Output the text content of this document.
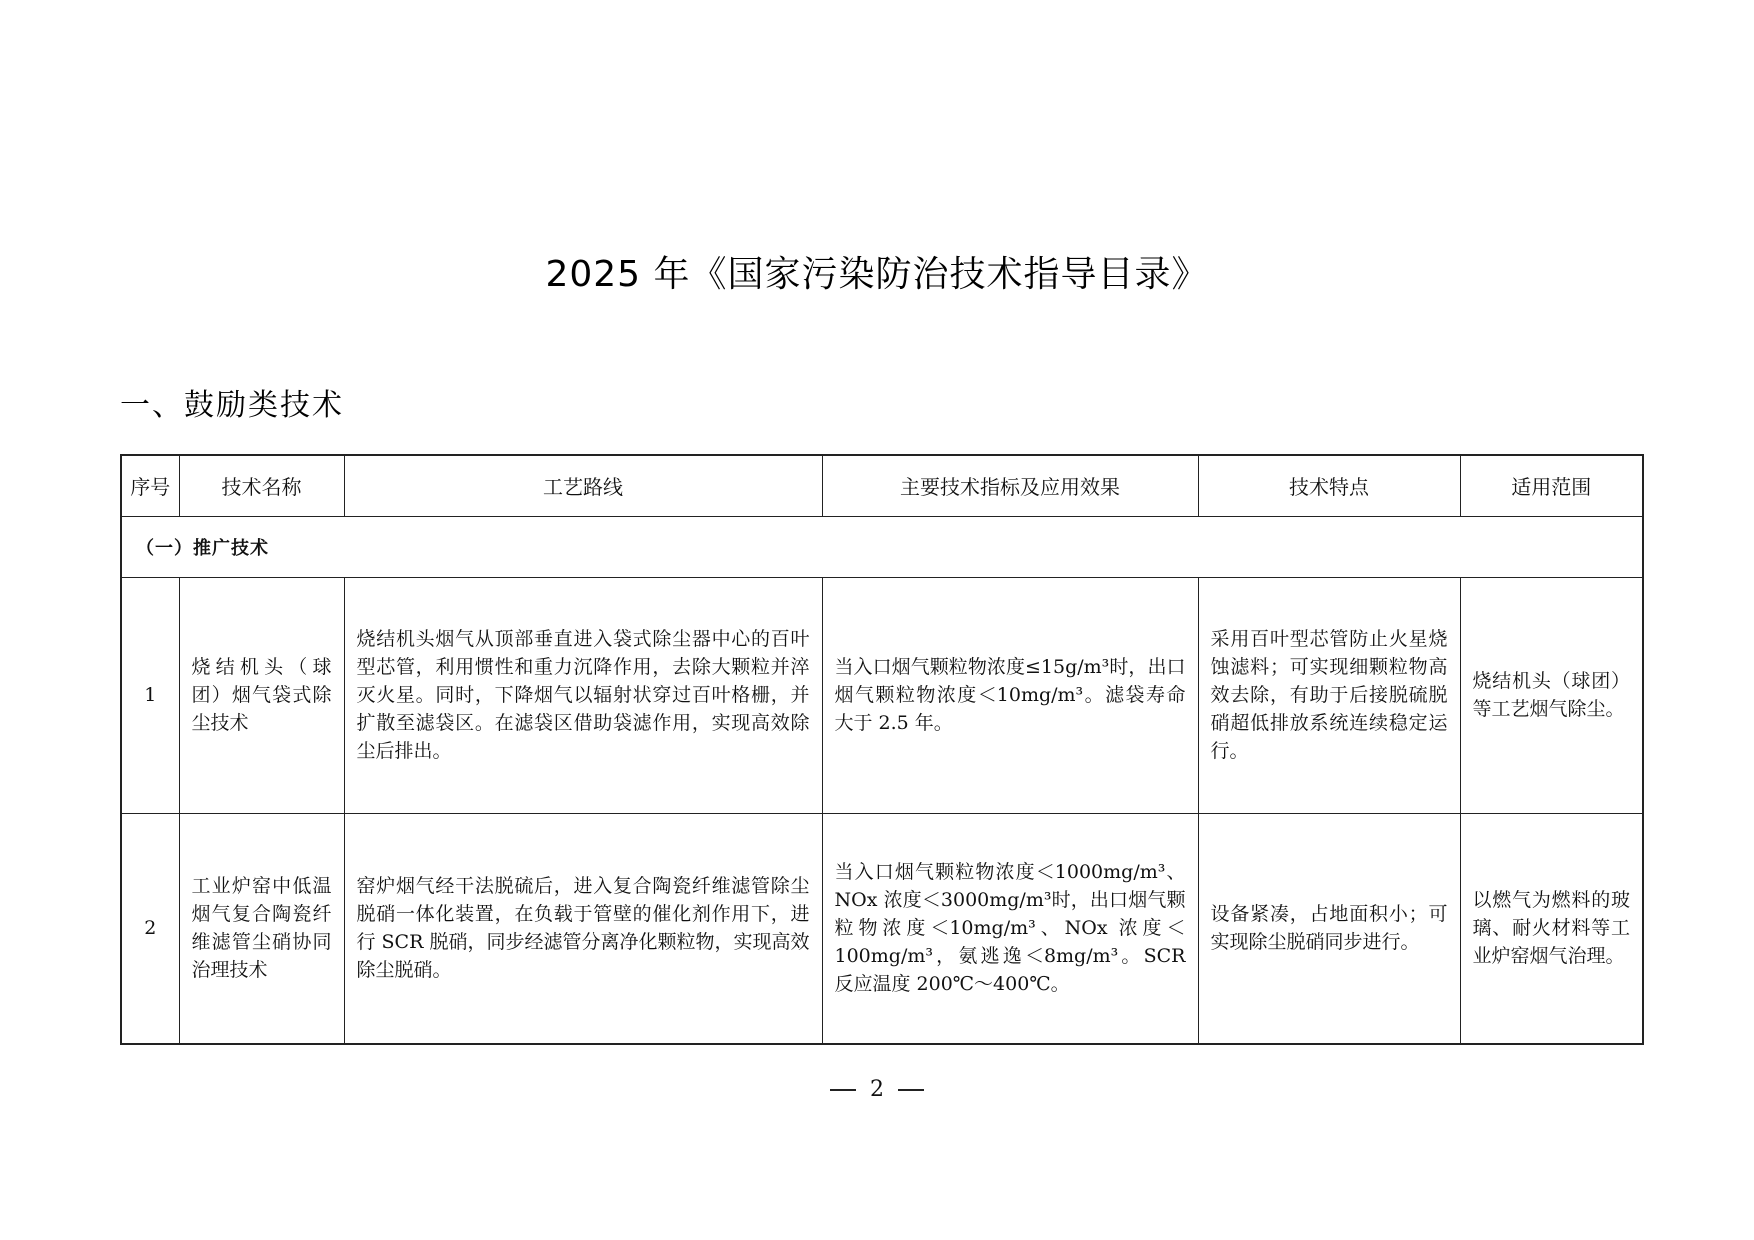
2025 年《国家污染防治技术指导目录》
一、鼓励类技术
序号	技术名称	工艺路线	主要技术指标及应用效果	技术特点	适用范围
（一）推广技术					
1	烧结机头（球团）烟气袋式除尘技术	烧结机头烟气从顶部垂直进入袋式除尘器中心的百叶型芯管，利用惯性和重力沉降作用，去除大颗粒并淬灭火星。同时，下降烟气以辐射状穿过百叶格栅，并扩散至滤袋区。在滤袋区借助袋滤作用，实现高效除尘后排出。	当入口烟气颗粒物浓度≤15g/m³时，出口烟气颗粒物浓度＜10mg/m³。滤袋寿命大于 2.5 年。	采用百叶型芯管防止火星烧蚀滤料；可实现细颗粒物高效去除，有助于后接脱硫脱硝超低排放系统连续稳定运行。	烧结机头（球团）等工艺烟气除尘。
2	工业炉窑中低温烟气复合陶瓷纤维滤管尘硝协同治理技术	窑炉烟气经干法脱硫后，进入复合陶瓷纤维滤管除尘脱硝一体化装置，在负载于管壁的催化剂作用下，进行 SCR 脱硝，同步经滤管分离净化颗粒物，实现高效除尘脱硝。	当入口烟气颗粒物浓度＜1000mg/m³、NOx 浓度＜3000mg/m³时，出口烟气颗粒物浓度＜10mg/m³、NOx 浓度＜100mg/m³，氨逃逸＜8mg/m³。SCR 反应温度 200℃～400℃。	设备紧凑，占地面积小；可实现除尘脱硝同步进行。	以燃气为燃料的玻璃、耐火材料等工业炉窑烟气治理。
2
